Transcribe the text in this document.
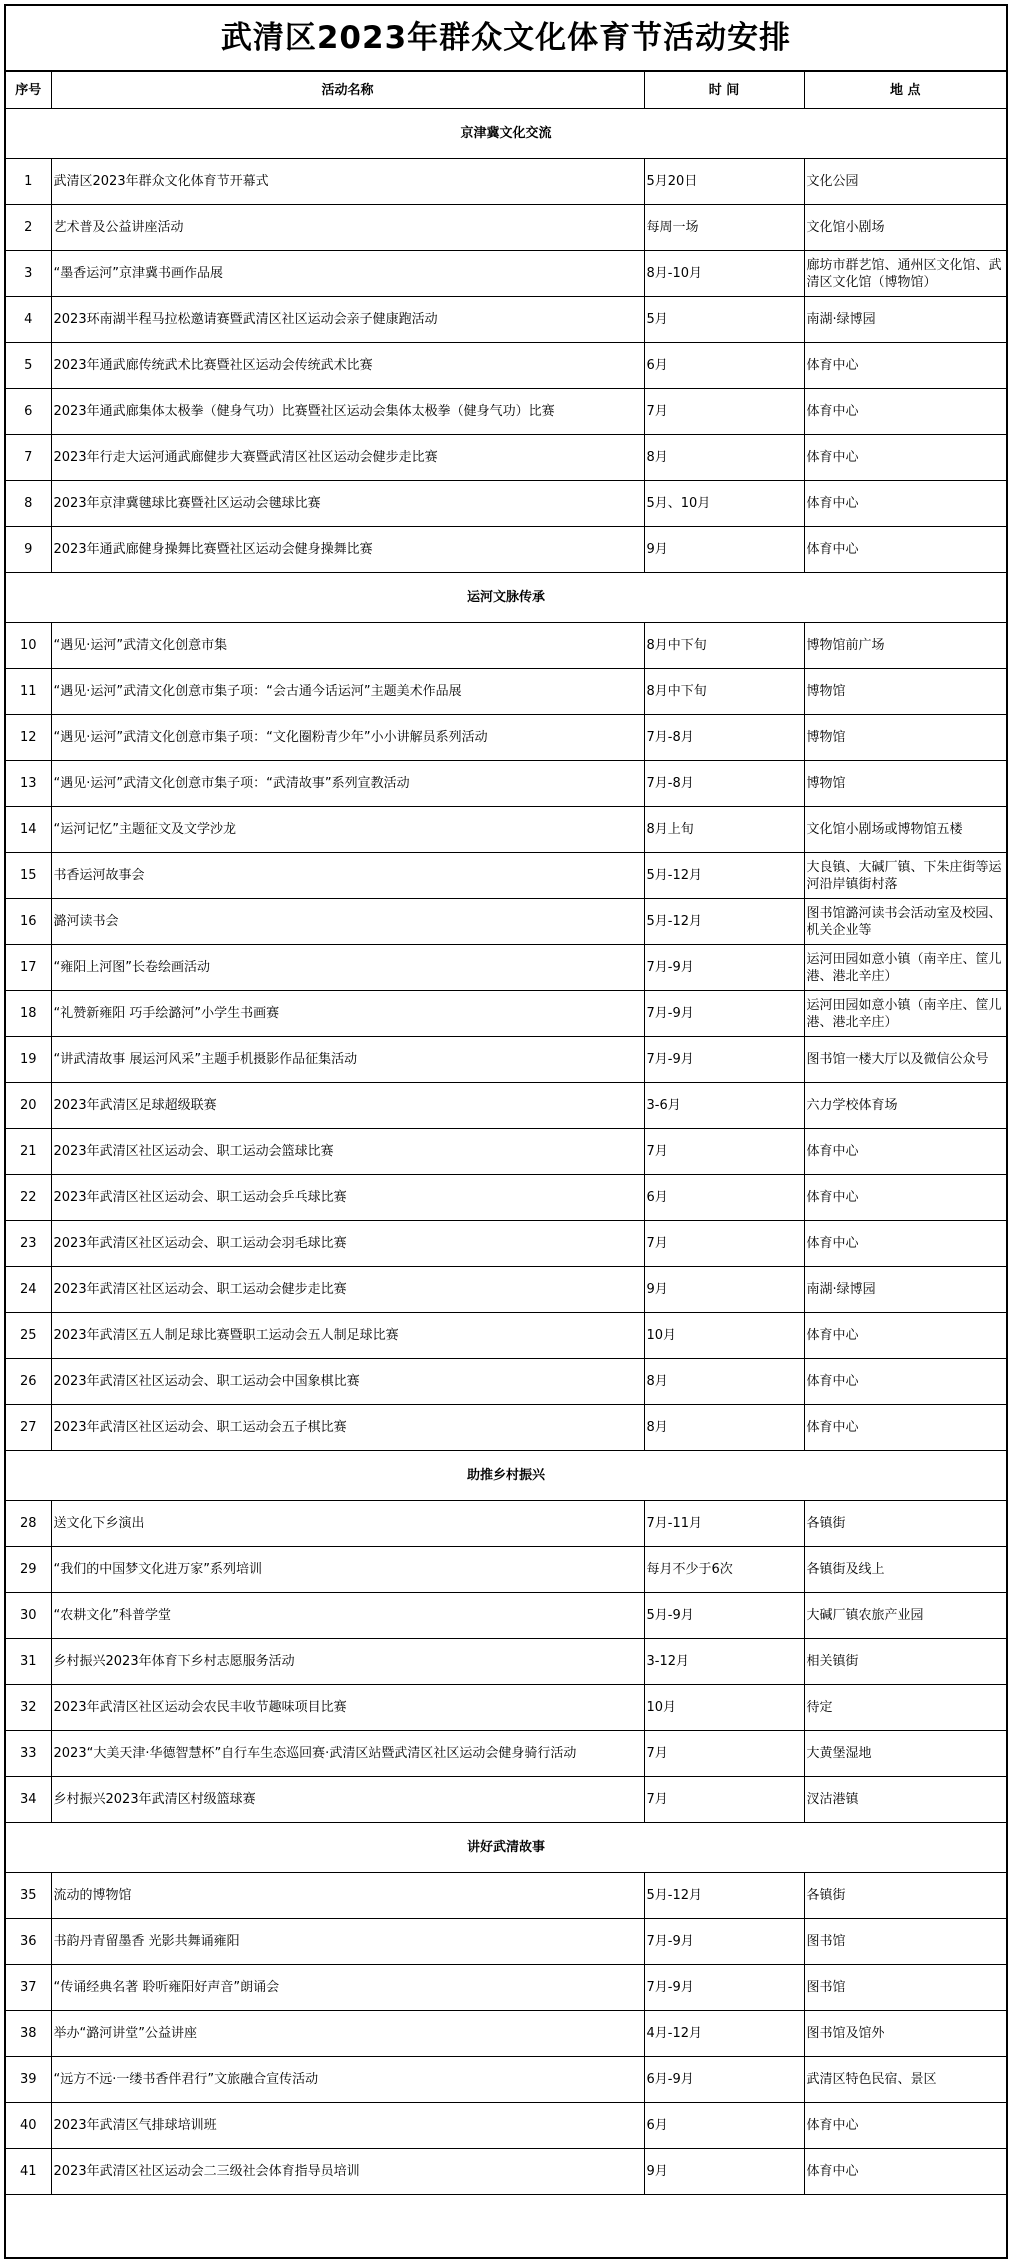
武清区2023年群众文化体育节活动安排
序号	活动名称	时 间	地 点
京津冀文化交流			
1	武清区2023年群众文化体育节开幕式	5月20日	文化公园
2	艺术普及公益讲座活动	每周一场	文化馆小剧场
3	“墨香运河”京津冀书画作品展	8月-10月	廊坊市群艺馆、通州区文化馆、武清区文化馆（博物馆）
4	2023环南湖半程马拉松邀请赛暨武清区社区运动会亲子健康跑活动	5月	南湖·绿博园
5	2023年通武廊传统武术比赛暨社区运动会传统武术比赛	6月	体育中心
6	2023年通武廊集体太极拳（健身气功）比赛暨社区运动会集体太极拳（健身气功）比赛	7月	体育中心
7	2023年行走大运河通武廊健步大赛暨武清区社区运动会健步走比赛	8月	体育中心
8	2023年京津冀毽球比赛暨社区运动会毽球比赛	5月、10月	体育中心
9	2023年通武廊健身操舞比赛暨社区运动会健身操舞比赛	9月	体育中心
运河文脉传承			
10	“遇见·运河”武清文化创意市集	8月中下旬	博物馆前广场
11	“遇见·运河”武清文化创意市集子项：“会古通今话运河”主题美术作品展	8月中下旬	博物馆
12	“遇见·运河”武清文化创意市集子项：“文化圈粉青少年”小小讲解员系列活动	7月-8月	博物馆
13	“遇见·运河”武清文化创意市集子项：“武清故事”系列宣教活动	7月-8月	博物馆
14	“运河记忆”主题征文及文学沙龙	8月上旬	文化馆小剧场或博物馆五楼
15	书香运河故事会	5月-12月	大良镇、大碱厂镇、下朱庄街等运河沿岸镇街村落
16	潞河读书会	5月-12月	图书馆潞河读书会活动室及校园、机关企业等
17	“雍阳上河图”长卷绘画活动	7月-9月	运河田园如意小镇（南辛庄、筐儿港、港北辛庄）
18	“礼赞新雍阳 巧手绘潞河”小学生书画赛	7月-9月	运河田园如意小镇（南辛庄、筐儿港、港北辛庄）
19	“讲武清故事 展运河风采”主题手机摄影作品征集活动	7月-9月	图书馆一楼大厅以及微信公众号
20	2023年武清区足球超级联赛	3-6月	六力学校体育场
21	2023年武清区社区运动会、职工运动会篮球比赛	7月	体育中心
22	2023年武清区社区运动会、职工运动会乒乓球比赛	6月	体育中心
23	2023年武清区社区运动会、职工运动会羽毛球比赛	7月	体育中心
24	2023年武清区社区运动会、职工运动会健步走比赛	9月	南湖·绿博园
25	2023年武清区五人制足球比赛暨职工运动会五人制足球比赛	10月	体育中心
26	2023年武清区社区运动会、职工运动会中国象棋比赛	8月	体育中心
27	2023年武清区社区运动会、职工运动会五子棋比赛	8月	体育中心
助推乡村振兴			
28	送文化下乡演出	7月-11月	各镇街
29	“我们的中国梦文化进万家”系列培训	每月不少于6次	各镇街及线上
30	“农耕文化”科普学堂	5月-9月	大碱厂镇农旅产业园
31	乡村振兴2023年体育下乡村志愿服务活动	3-12月	相关镇街
32	2023年武清区社区运动会农民丰收节趣味项目比赛	10月	待定
33	2023“大美天津·华德智慧杯”自行车生态巡回赛·武清区站暨武清区社区运动会健身骑行活动	7月	大黄堡湿地
34	乡村振兴2023年武清区村级篮球赛	7月	汊沽港镇
讲好武清故事			
35	流动的博物馆	5月-12月	各镇街
36	书韵丹青留墨香 光影共舞诵雍阳	7月-9月	图书馆
37	“传诵经典名著 聆听雍阳好声音”朗诵会	7月-9月	图书馆
38	举办“潞河讲堂”公益讲座	4月-12月	图书馆及馆外
39	“远方不远·一缕书香伴君行”文旅融合宣传活动	6月-9月	武清区特色民宿、景区
40	2023年武清区气排球培训班	6月	体育中心
41	2023年武清区社区运动会二三级社会体育指导员培训	9月	体育中心
